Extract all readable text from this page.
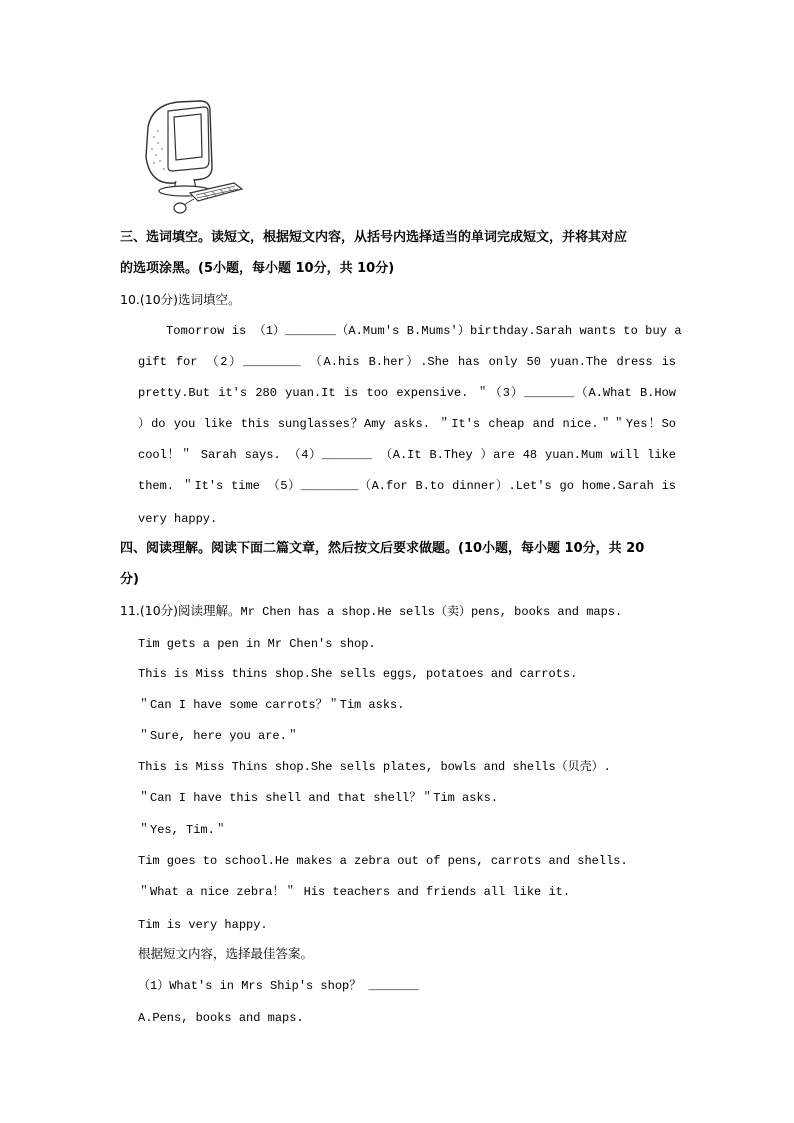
三、选词填空。读短文，根据短文内容，从括号内选择适当的单词完成短文，并将其对应
的选项涂黑。(5小题，每小题 10分，共 10分)
10.(10分)选词填空。
Tomorrow is （1）_______（A.Mum's B.Mums'）birthday.Sarah wants to buy a
gift for （2）________ （A.his B.her）.She has only 50 yuan.The dress is
pretty.But it's 280 yuan.It is too expensive. ＂（3）_______（A.What B.How
）do you like this sunglasses？Amy asks. ＂It's cheap and nice.＂＂Yes！So
cool！＂ Sarah says. （4）_______ （A.It B.They ）are 48 yuan.Mum will like
them. ＂It's time （5）________（A.for B.to dinner）.Let's go home.Sarah is
very happy.
四、阅读理解。阅读下面二篇文章，然后按文后要求做题。(10小题，每小题 10分，共 20
分)
11.(10分)阅读理解。Mr Chen has a shop.He sells（卖）pens, books and maps.
Tim gets a pen in Mr Chen's shop.
This is Miss thins shop.She sells eggs, potatoes and carrots.
＂Can I have some carrots？＂Tim asks.
＂Sure, here you are.＂
This is Miss Thins shop.She sells plates, bowls and shells（贝壳）.
＂Can I have this shell and that shell？＂Tim asks.
＂Yes, Tim.＂
Tim goes to school.He makes a zebra out of pens, carrots and shells.
＂What a nice zebra！＂ His teachers and friends all like it.
Tim is very happy.
根据短文内容，选择最佳答案。
（1）What's in Mrs Ship's shop？ _______
A.Pens, books and maps.
